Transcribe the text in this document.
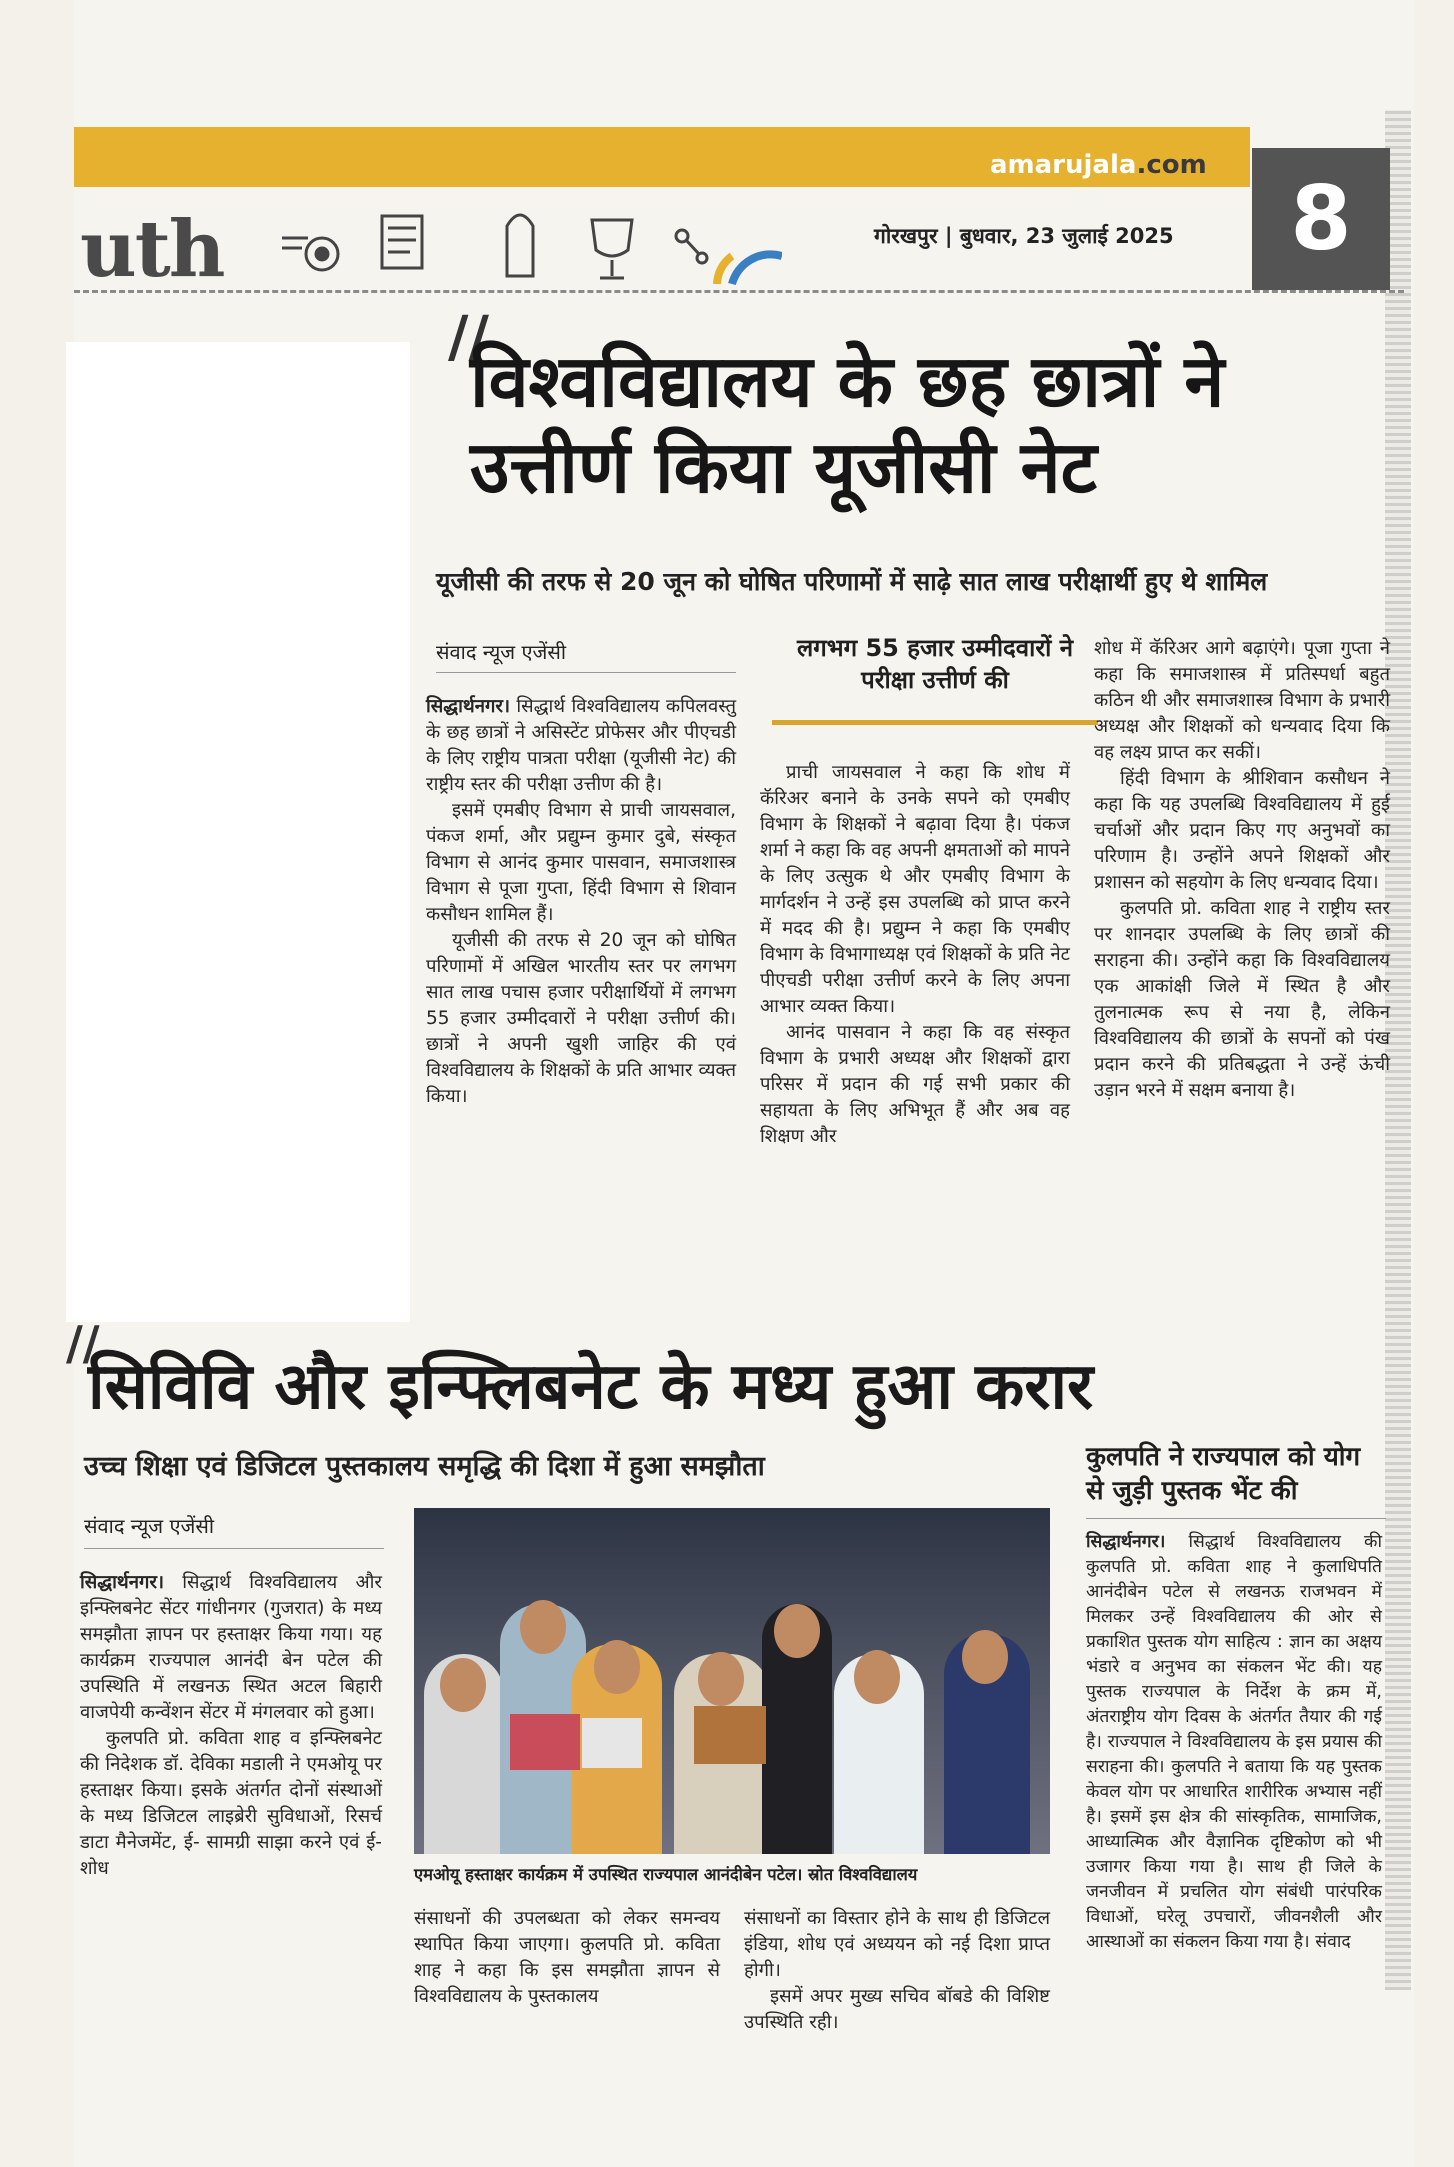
amarujala.com
8
uth	गोरखपुर | बुधवार, 23 जुलाई 2025
//
विश्वविद्यालय के छह छात्रों ने उत्तीर्ण किया यूजीसी नेट
यूजीसी की तरफ से 20 जून को घोषित परिणामों में साढ़े सात लाख परीक्षार्थी हुए थे शामिल
संवाद न्यूज एजेंसी

सिद्धार्थनगर। सिद्धार्थ विश्वविद्यालय कपिलवस्तु के छह छात्रों ने असिस्टेंट प्रोफेसर और पीएचडी के लिए राष्ट्रीय पात्रता परीक्षा (यूजीसी नेट) की राष्ट्रीय स्तर की परीक्षा उत्तीण की है।

इसमें एमबीए विभाग से प्राची जायसवाल, पंकज शर्मा, और प्रद्युम्न कुमार दुबे, संस्कृत विभाग से आनंद कुमार पासवान, समाजशास्त्र विभाग से पूजा गुप्ता, हिंदी विभाग से शिवान कसौधन शामिल हैं।

यूजीसी की तरफ से 20 जून को घोषित परिणामों में अखिल भारतीय स्तर पर लगभग सात लाख पचास हजार परीक्षार्थियों में लगभग 55 हजार उम्मीदवारों ने परीक्षा उत्तीर्ण की। छात्रों ने अपनी खुशी जाहिर की एवं विश्वविद्यालय के शिक्षकों के प्रति आभार व्यक्त किया।

लगभग 55 हजार उम्मीदवारों ने परीक्षा उत्तीर्ण की

प्राची जायसवाल ने कहा कि शोध में कॅरिअर बनाने के उनके सपने को एमबीए विभाग के शिक्षकों ने बढ़ावा दिया है। पंकज शर्मा ने कहा कि वह अपनी क्षमताओं को मापने के लिए उत्सुक थे और एमबीए विभाग के मार्गदर्शन ने उन्हें इस उपलब्धि को प्राप्त करने में मदद की है। प्रद्युम्न ने कहा कि एमबीए विभाग के विभागाध्यक्ष एवं शिक्षकों के प्रति नेट पीएचडी परीक्षा उत्तीर्ण करने के लिए अपना आभार व्यक्त किया।

आनंद पासवान ने कहा कि वह संस्कृत विभाग के प्रभारी अध्यक्ष और शिक्षकों द्वारा परिसर में प्रदान की गई सभी प्रकार की सहायता के लिए अभिभूत हैं और अब वह शिक्षण और

शोध में कॅरिअर आगे बढ़ाएंगे। पूजा गुप्ता ने कहा कि समाजशास्त्र में प्रतिस्पर्धा बहुत कठिन थी और समाजशास्त्र विभाग के प्रभारी अध्यक्ष और शिक्षकों को धन्यवाद दिया कि वह लक्ष्य प्राप्त कर सकीं।

हिंदी विभाग के श्रीशिवान कसौधन ने कहा कि यह उपलब्धि विश्वविद्यालय में हुई चर्चाओं और प्रदान किए गए अनुभवों का परिणाम है। उन्होंने अपने शिक्षकों और प्रशासन को सहयोग के लिए धन्यवाद दिया।

कुलपति प्रो. कविता शाह ने राष्ट्रीय स्तर पर शानदार उपलब्धि के लिए छात्रों की सराहना की। उन्होंने कहा कि विश्वविद्यालय एक आकांक्षी जिले में स्थित है और तुलनात्मक रूप से नया है, लेकिन विश्वविद्यालय की छात्रों के सपनों को पंख प्रदान करने की प्रतिबद्धता ने उन्हें ऊंची उड़ान भरने में सक्षम बनाया है।

//
सिविवि और इन्फ्लिबनेट के मध्य हुआ करार
उच्च शिक्षा एवं डिजिटल पुस्तकालय समृद्धि की दिशा में हुआ समझौता
संवाद न्यूज एजेंसी

सिद्धार्थनगर। सिद्धार्थ विश्वविद्यालय और इन्फ्लिबनेट सेंटर गांधीनगर (गुजरात) के मध्य समझौता ज्ञापन पर हस्ताक्षर किया गया। यह कार्यक्रम राज्यपाल आनंदी बेन पटेल की उपस्थिति में लखनऊ स्थित अटल बिहारी वाजपेयी कन्वेंशन सेंटर में मंगलवार को हुआ।

कुलपति प्रो. कविता शाह व इन्फ्लिबनेट की निदेशक डॉ. देविका मडाली ने एमओयू पर हस्ताक्षर किया। इसके अंतर्गत दोनों संस्थाओं के मध्य डिजिटल लाइब्रेरी सुविधाओं, रिसर्च डाटा मैनेजमेंट, ई- सामग्री साझा करने एवं ई- शोध	एमओयू हस्ताक्षर कार्यक्रम में उपस्थित राज्यपाल आनंदीबेन पटेल। स्रोत विश्वविद्यालय

संसाधनों की उपलब्धता को लेकर समन्वय स्थापित किया जाएगा। कुलपति प्रो. कविता शाह ने कहा कि इस समझौता ज्ञापन से विश्वविद्यालय के पुस्तकालय

संसाधनों का विस्तार होने के साथ ही डिजिटल इंडिया, शोध एवं अध्ययन को नई दिशा प्राप्त होगी।

इसमें अपर मुख्य सचिव बॉबडे की विशिष्ट उपस्थिति रही।

कुलपति ने राज्यपाल को योग से जुड़ी पुस्तक भेंट की

सिद्धार्थनगर। सिद्धार्थ विश्वविद्यालय की कुलपति प्रो. कविता शाह ने कुलाधिपति आनंदीबेन पटेल से लखनऊ राजभवन में मिलकर उन्हें विश्वविद्यालय की ओर से प्रकाशित पुस्तक योग साहित्य : ज्ञान का अक्षय भंडारे व अनुभव का संकलन भेंट की। यह पुस्तक राज्यपाल के निर्देश के क्रम में, अंतराष्ट्रीय योग दिवस के अंतर्गत तैयार की गई है। राज्यपाल ने विश्वविद्यालय के इस प्रयास की सराहना की। कुलपति ने बताया कि यह पुस्तक केवल योग पर आधारित शारीरिक अभ्यास नहीं है। इसमें इस क्षेत्र की सांस्कृतिक, सामाजिक, आध्यात्मिक और वैज्ञानिक दृष्टिकोण को भी उजागर किया गया है। साथ ही जिले के जनजीवन में प्रचलित योग संबंधी पारंपरिक विधाओं, घरेलू उपचारों, जीवनशैली और आस्थाओं का संकलन किया गया है। संवाद
